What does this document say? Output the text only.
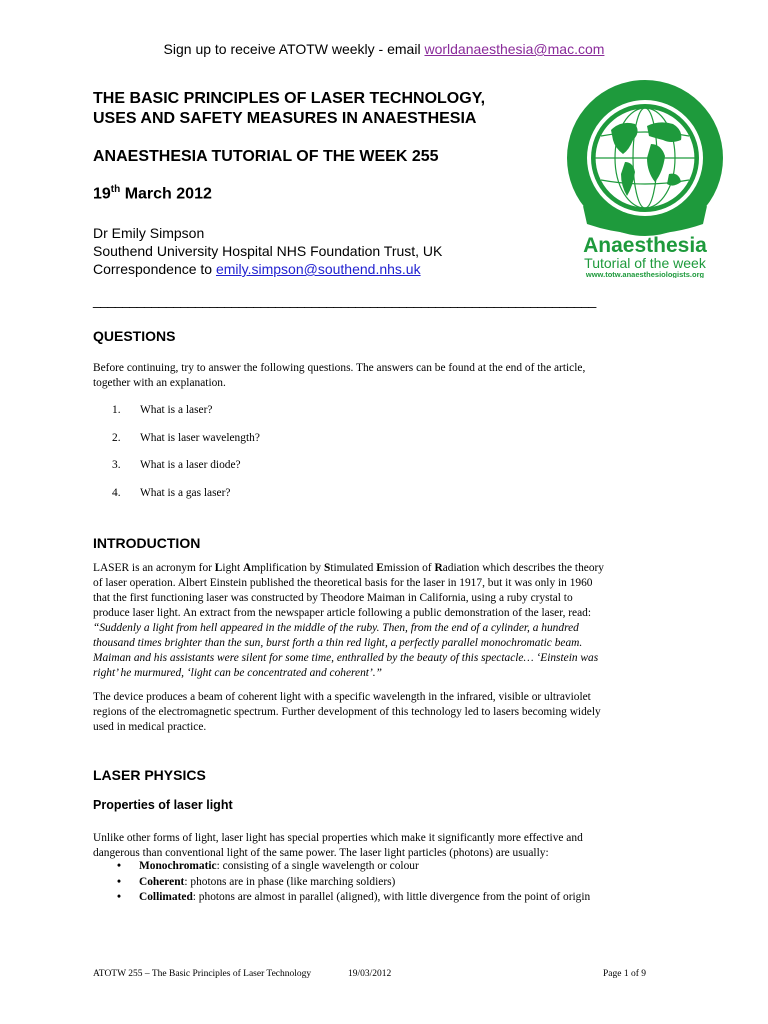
Sign up to receive ATOTW weekly - email worldanaesthesia@mac.com
THE BASIC PRINCIPLES OF LASER TECHNOLOGY,
USES AND SAFETY MEASURES IN ANAESTHESIA
ANAESTHESIA TUTORIAL OF THE WEEK 255
19th March 2012
Dr Emily Simpson
Southend University Hospital NHS Foundation Trust, UK
Correspondence to emily.simpson@southend.nhs.uk
_____________________________________________________________________
Anaesthesia
Tutorial of the week
www.totw.anaesthesiologists.org
QUESTIONS
Before continuing, try to answer the following questions. The answers can be found at the end of the article,
together with an explanation.
1. What is a laser?
2. What is laser wavelength?
3. What is a laser diode?
4. What is a gas laser?
INTRODUCTION
LASER is an acronym for Light Amplification by Stimulated Emission of Radiation which describes the theory
of laser operation. Albert Einstein published the theoretical basis for the laser in 1917, but it was only in 1960
that the first functioning laser was constructed by Theodore Maiman in California, using a ruby crystal to
produce laser light. An extract from the newspaper article following a public demonstration of the laser, read:
“Suddenly a light from hell appeared in the middle of the ruby. Then, from the end of a cylinder, a hundred
thousand times brighter than the sun, burst forth a thin red light, a perfectly parallel monochromatic beam.
Maiman and his assistants were silent for some time, enthralled by the beauty of this spectacle… ‘Einstein was
right’ he murmured, ‘light can be concentrated and coherent’.”
The device produces a beam of coherent light with a specific wavelength in the infrared, visible or ultraviolet
regions of the electromagnetic spectrum. Further development of this technology led to lasers becoming widely
used in medical practice.
LASER PHYSICS
Properties of laser light
Unlike other forms of light, laser light has special properties which make it significantly more effective and
dangerous than conventional light of the same power. The laser light particles (photons) are usually:
• Monochromatic: consisting of a single wavelength or colour
• Coherent: photons are in phase (like marching soldiers)
• Collimated: photons are almost in parallel (aligned), with little divergence from the point of origin
ATOTW 255 – The Basic Principles of Laser Technology	19/03/2012	Page 1 of 9
